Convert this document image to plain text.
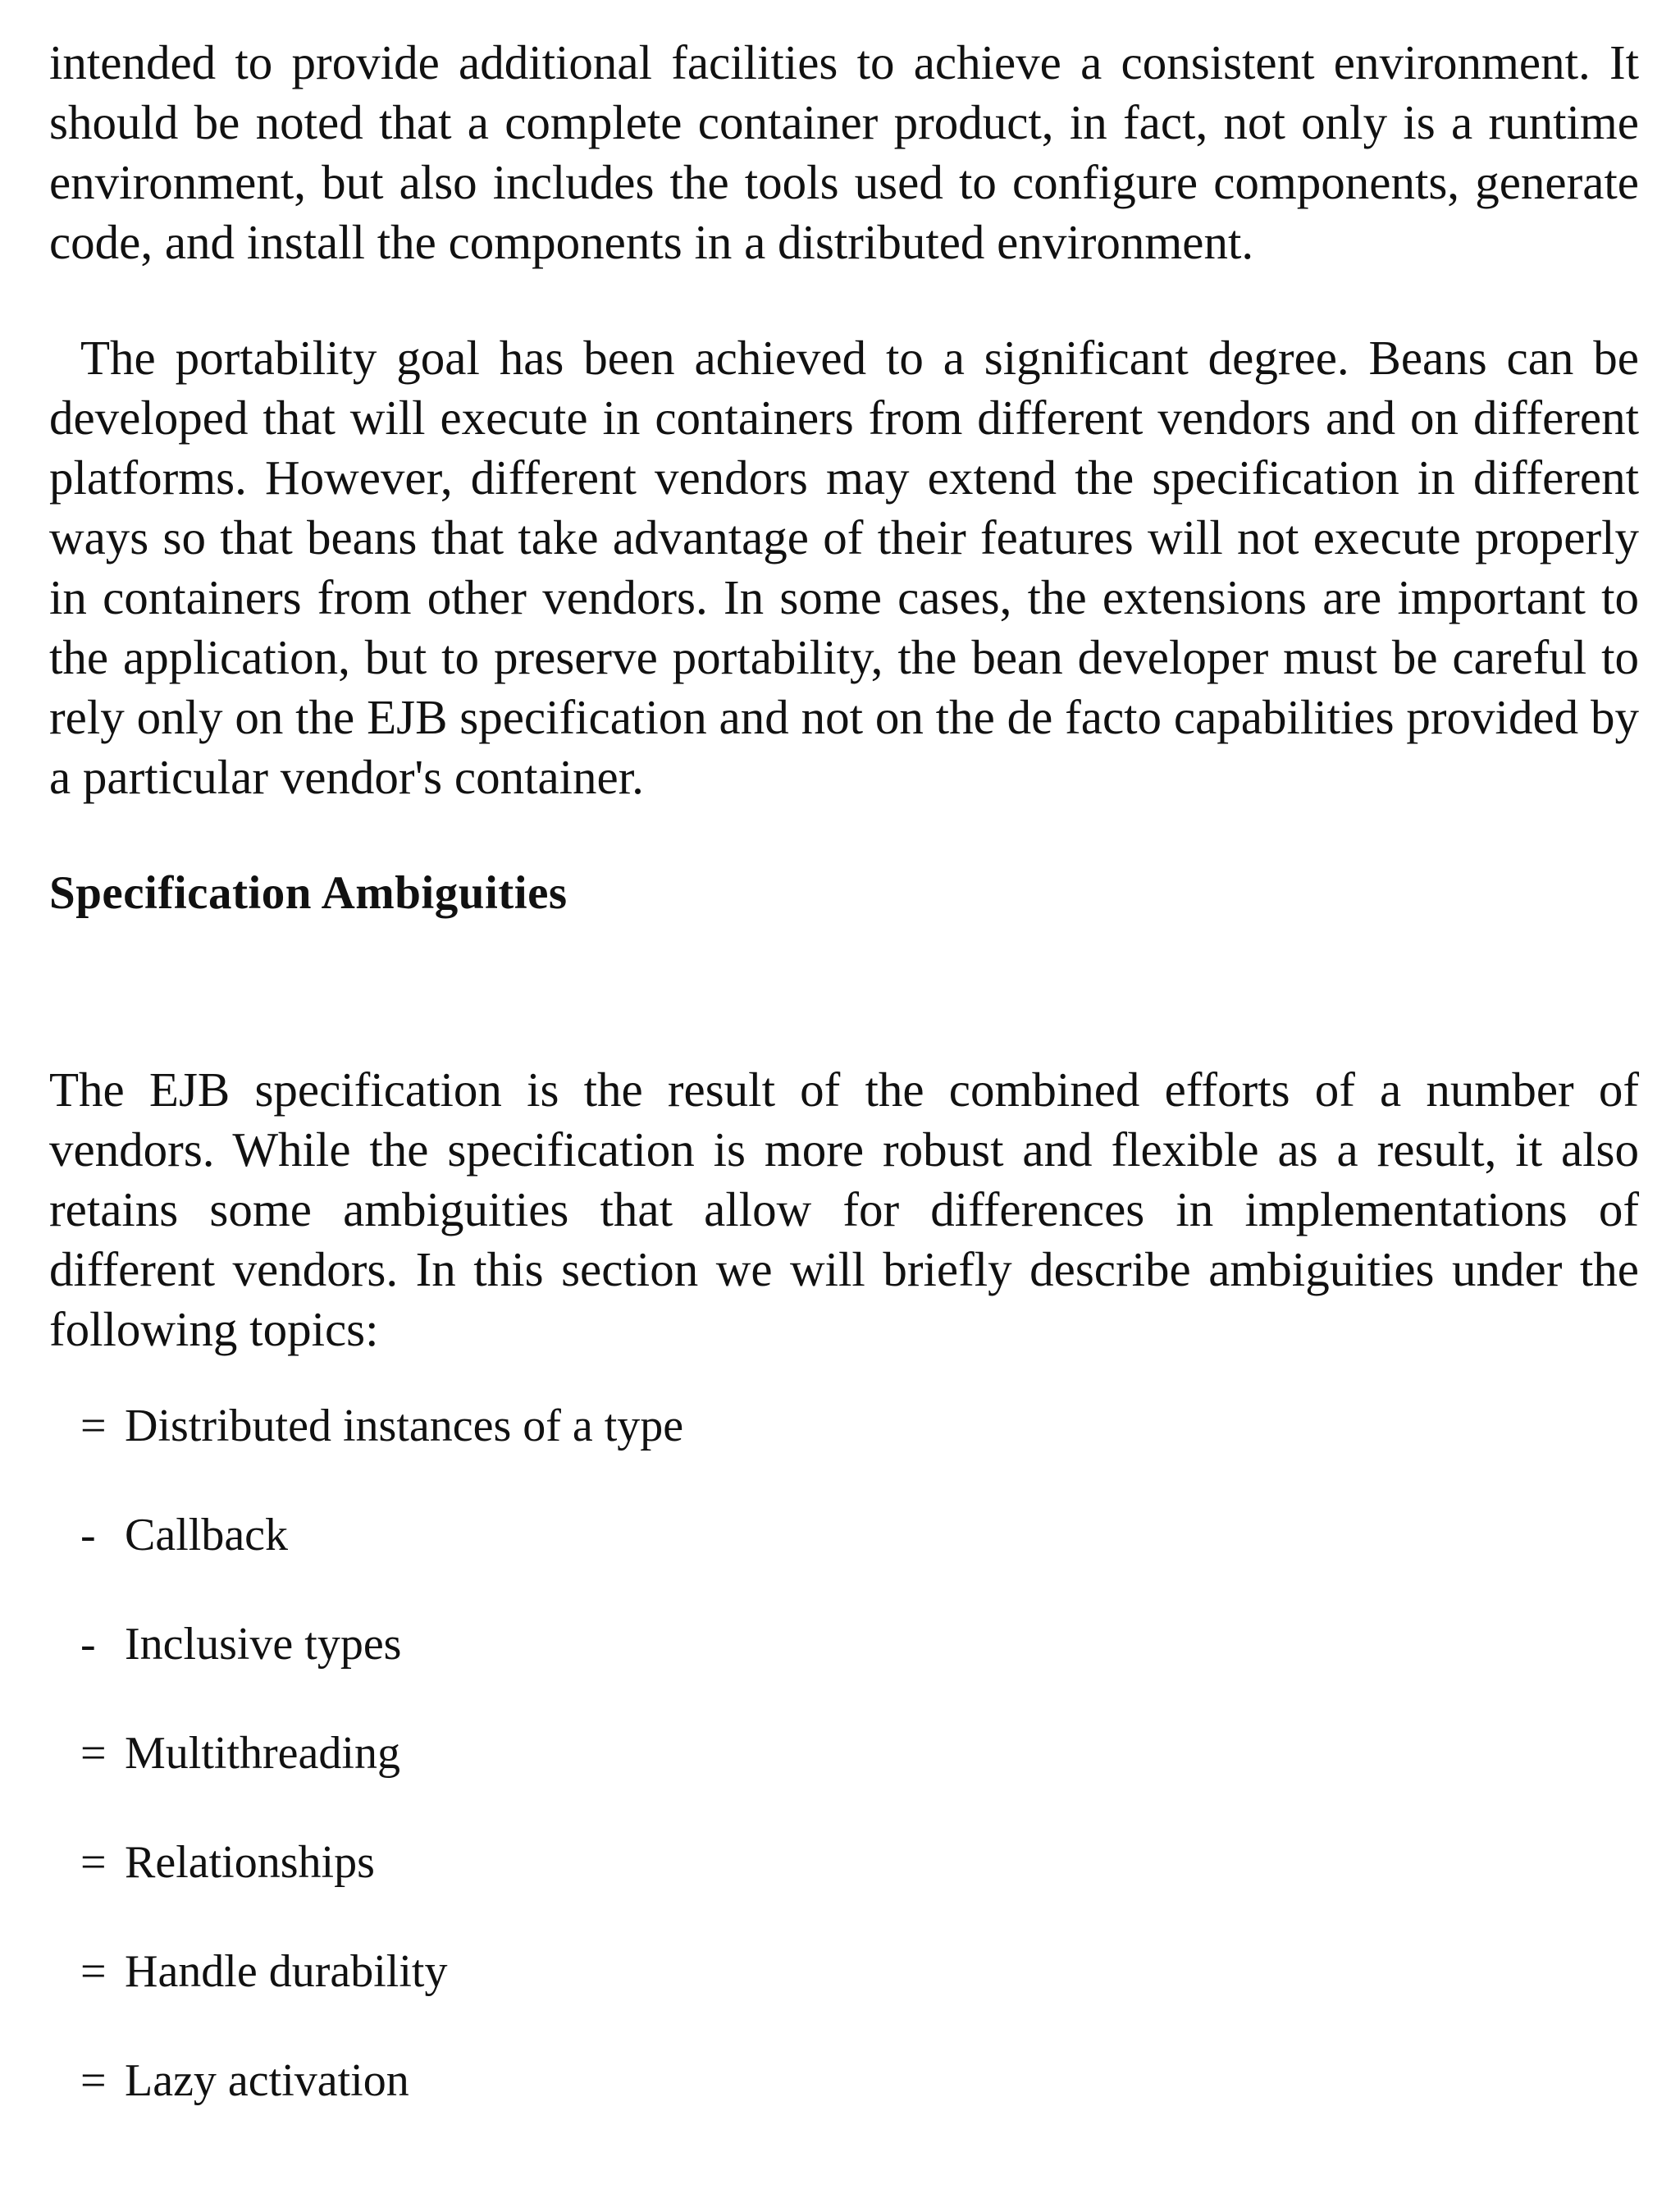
intended to provide additional facilities to achieve a consistent environment. It should be noted that a complete container product, in fact, not only is a runtime environment, but also includes the tools used to configure components, generate code, and install the components in a distributed environment.

The portability goal has been achieved to a significant degree. Beans can be developed that will execute in containers from different vendors and on different platforms. However, different vendors may extend the specification in different ways so that beans that take advantage of their features will not execute properly in containers from other vendors. In some cases, the extensions are important to the application, but to preserve portability, the bean developer must be careful to rely only on the EJB specification and not on the de facto capabilities provided by a particular vendor's container.

Specification Ambiguities

The EJB specification is the result of the combined efforts of a number of vendors. While the specification is more robust and flexible as a result, it also retains some ambiguities that allow for differences in implementations of different vendors. In this section we will briefly describe ambiguities under the following topics:

= Distributed instances of a type
- Callback
- Inclusive types
= Multithreading
= Relationships
= Handle durability
= Lazy activation
